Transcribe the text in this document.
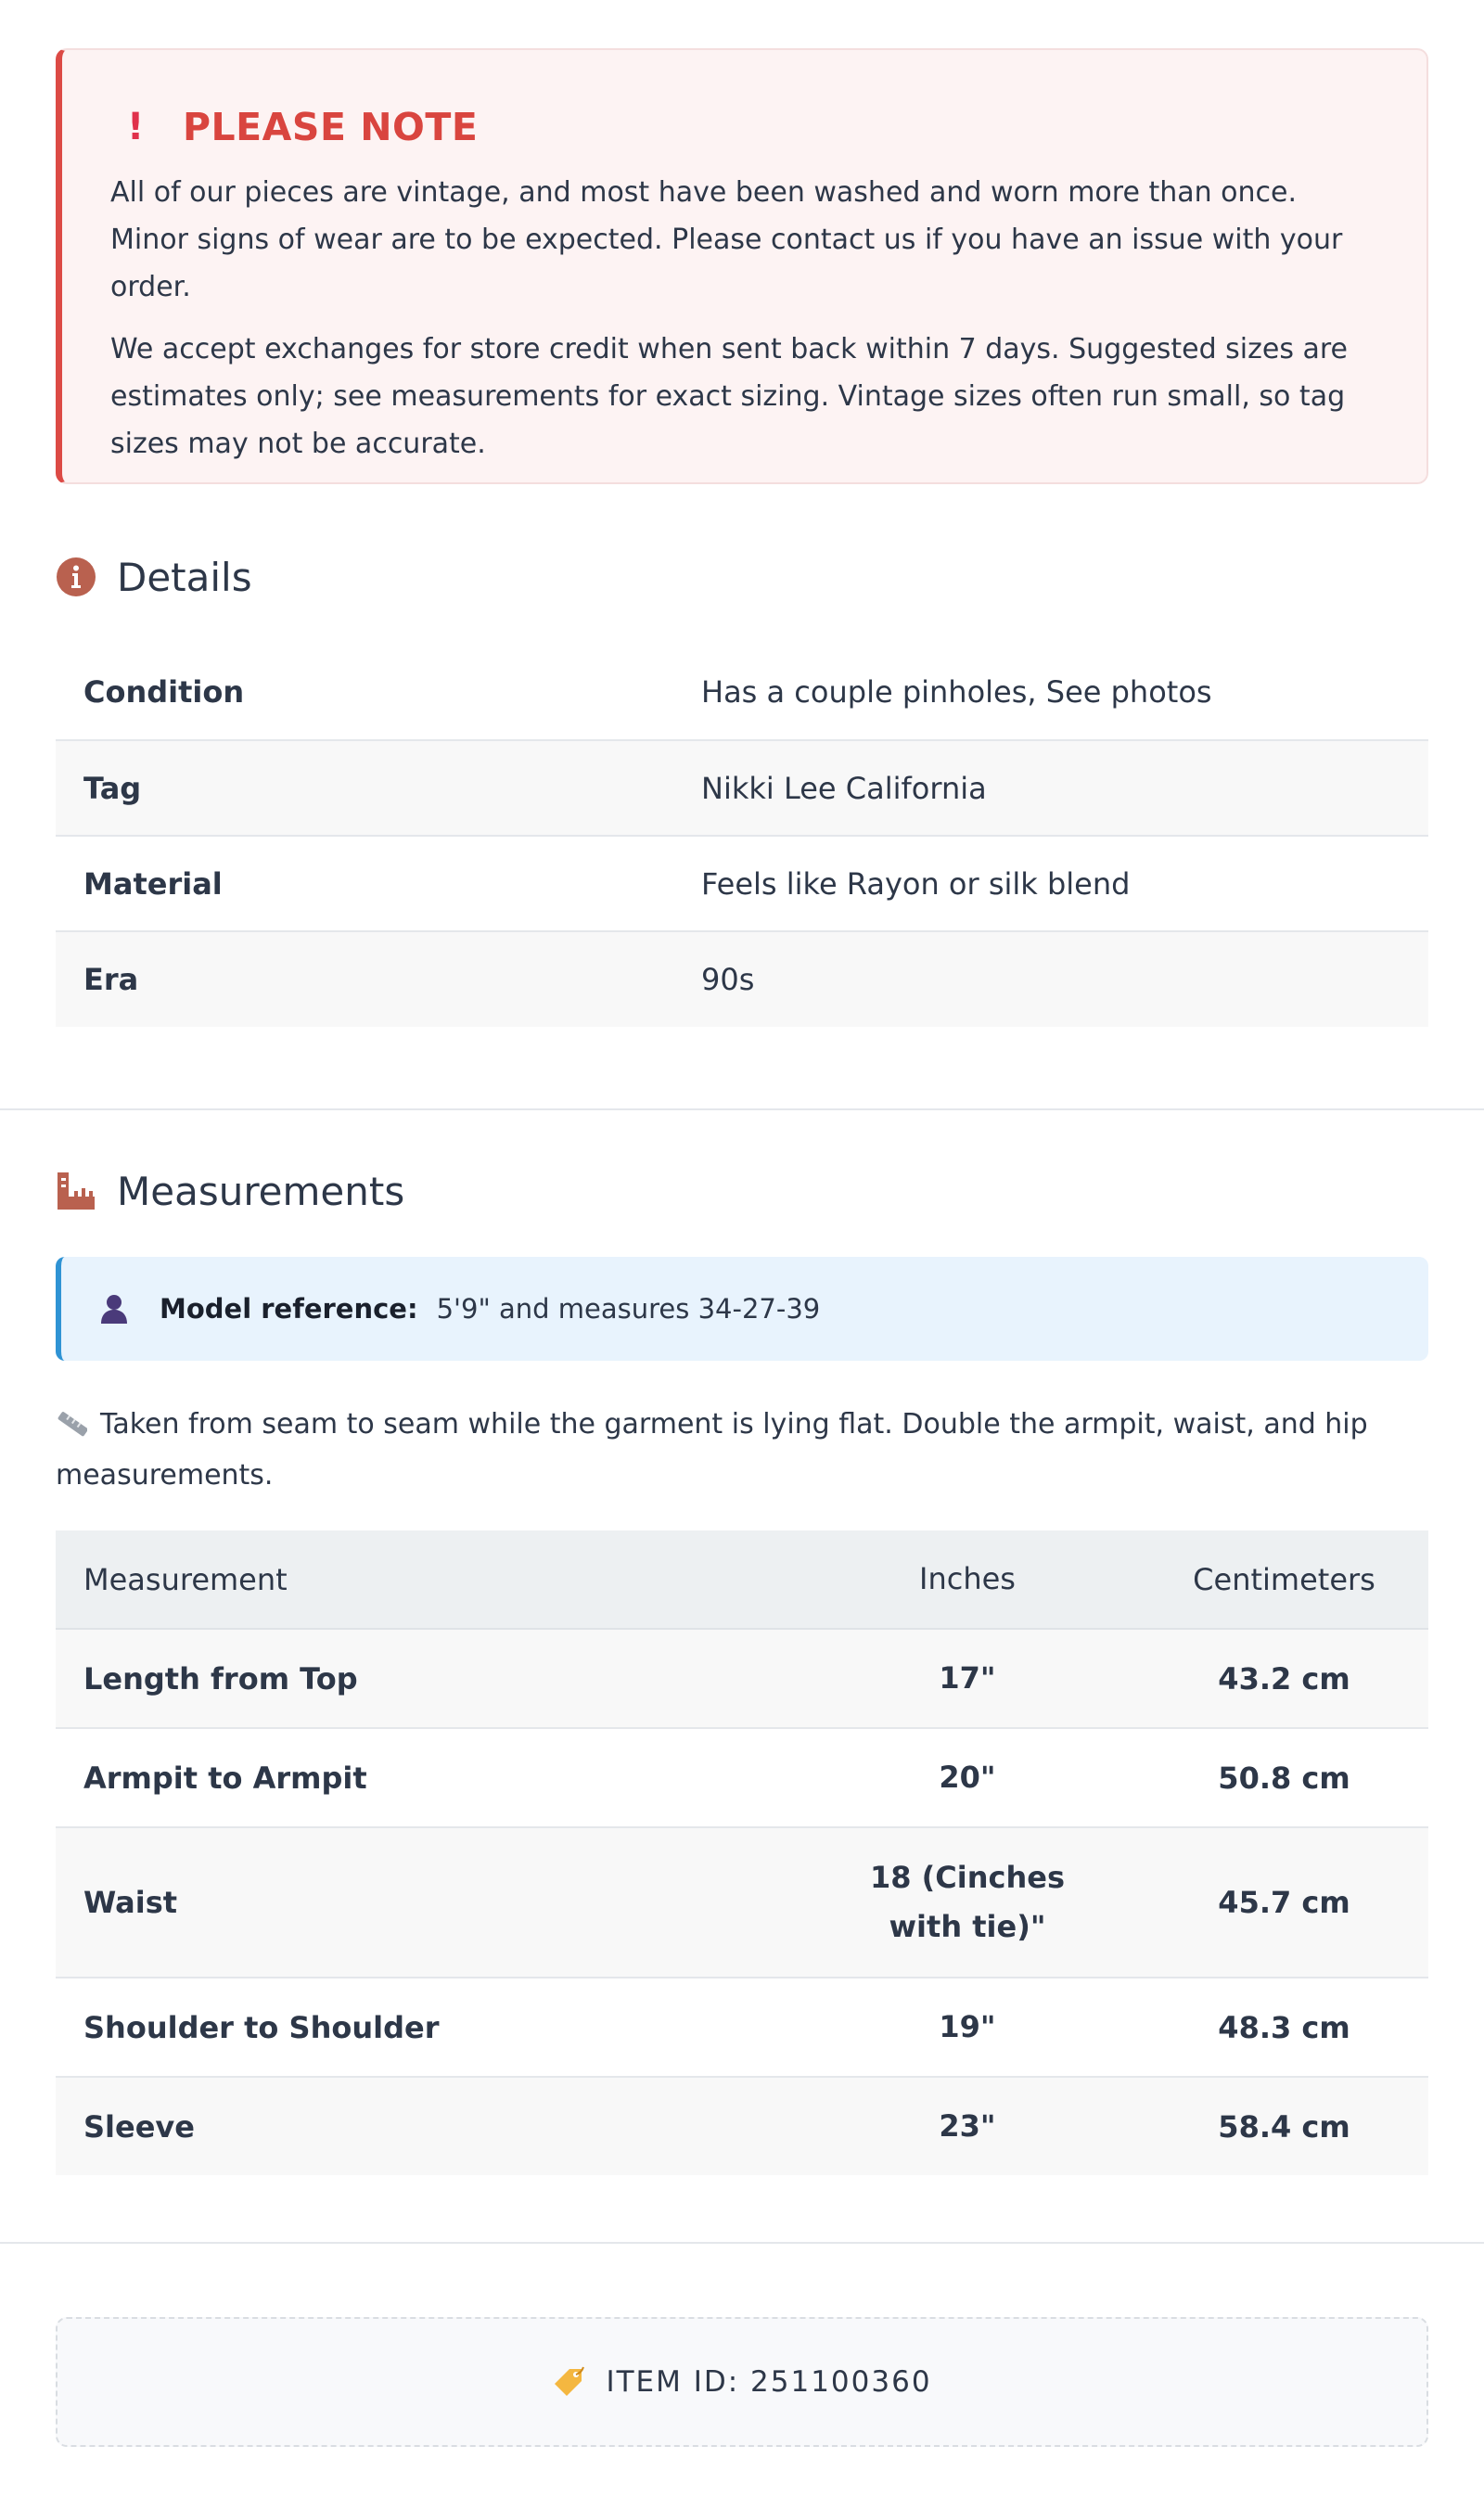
!	PLEASE NOTE

All of our pieces are vintage, and most have been washed and worn more than once. Minor signs of wear are to be expected. Please contact us if you have an issue with your order.

We accept exchanges for store credit when sent back within 7 days. Suggested sizes are estimates only; see measurements for exact sizing. Vintage sizes often run small, so tag sizes may not be accurate.

Details
Condition	Has a couple pinholes, See photos
Tag	Nikki Lee California
Material	Feels like Rayon or silk blend
Era	90s
Measurements
Model reference: 5'9" and measures 34-27-39
Taken from seam to seam while the garment is lying flat. Double the armpit, waist, and hip measurements.
Measurement	Inches	Centimeters
Length from Top	17"	43.2 cm
Armpit to Armpit	20"	50.8 cm
Waist	18 (Cinches with tie)"	45.7 cm
Shoulder to Shoulder	19"	48.3 cm
Sleeve	23"	58.4 cm
ITEM ID: 251100360
